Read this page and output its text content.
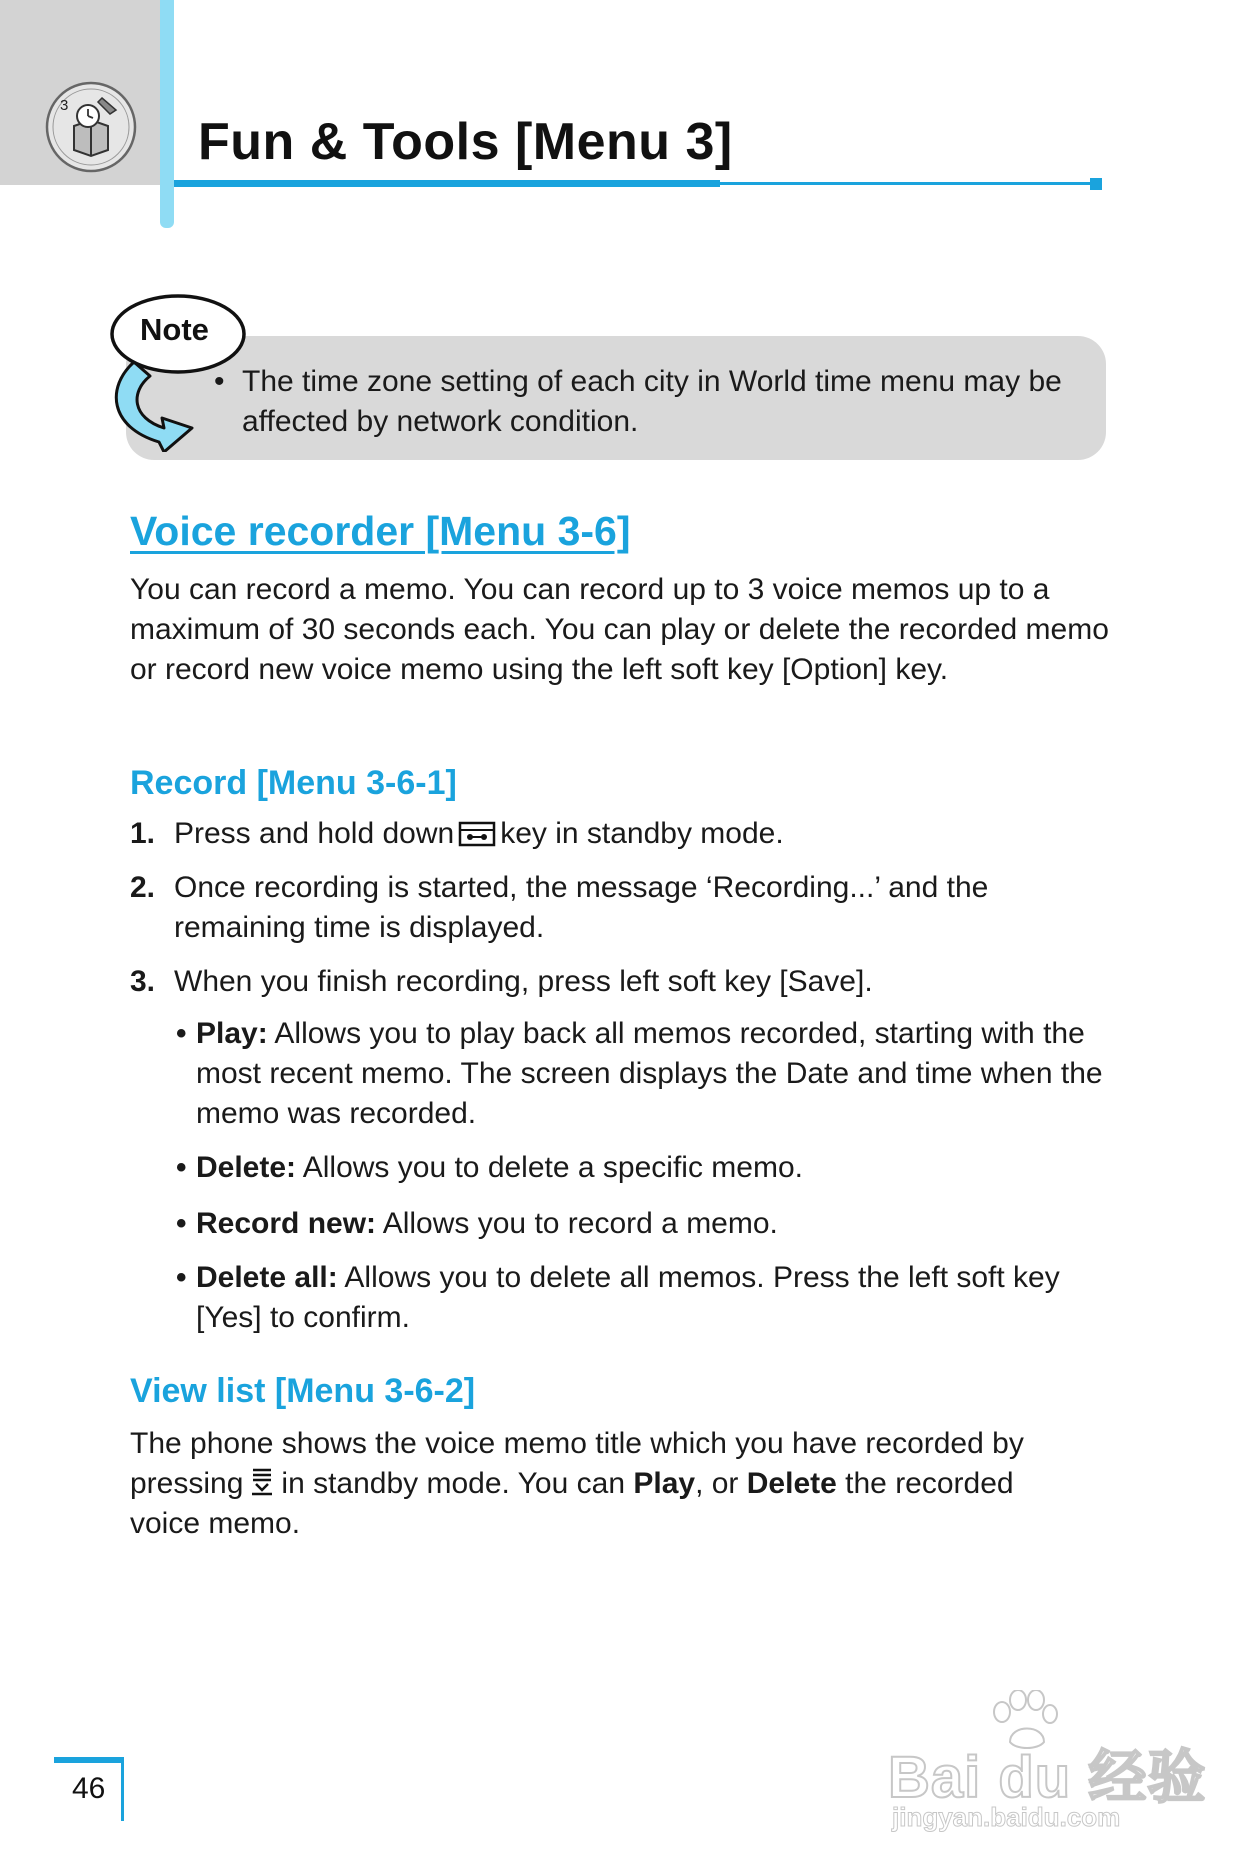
3
Fun & Tools [Menu 3]
Note
• The time zone setting of each city in World time menu may be affected by network condition.
Voice recorder [Menu 3-6]

You can record a memo. You can record up to 3 voice memos up to a maximum of 30 seconds each. You can play or delete the recorded memo or record new voice memo using the left soft key [Option] key.

Record [Menu 3-6-1]
1. Press and hold down key in standby mode.
2. Once recording is started, the message ‘Recording...’ and the remaining time is displayed.
3. When you finish recording, press left soft key [Save].
• Play: Allows you to play back all memos recorded, starting with the most recent memo. The screen displays the Date and time when the memo was recorded.
• Delete: Allows you to delete a specific memo.
• Record new: Allows you to record a memo.
• Delete all: Allows you to delete all memos. Press the left soft key [Yes] to confirm.
View list [Menu 3-6-2]
The phone shows the voice memo title which you have recorded by
pressing in standby mode. You can Play, or Delete the recorded
voice memo.
46	Bai du 经验
jingyan.baidu.com
